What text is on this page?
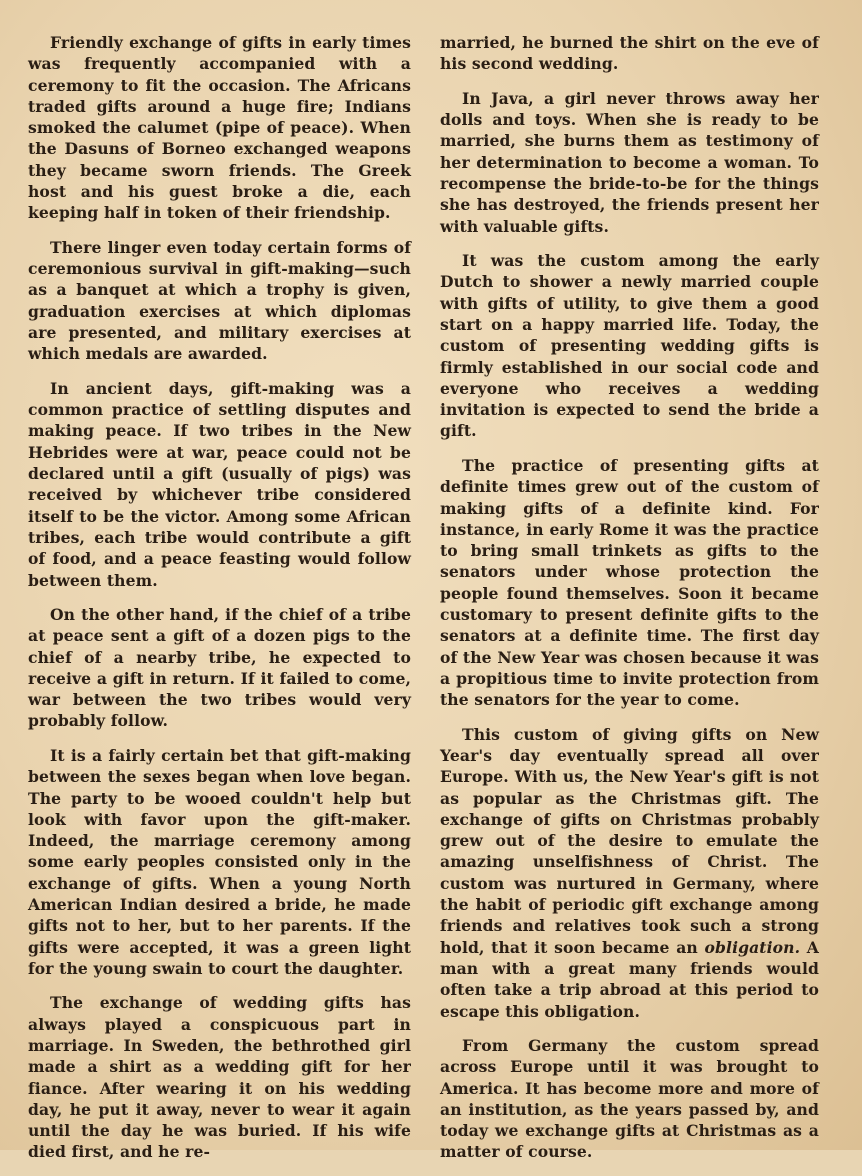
Friendly exchange of gifts in early times was frequently accompanied with a ceremony to fit the occasion. The Africans traded gifts around a huge fire; Indians smoked the calumet (pipe of peace). When the Dasuns of Borneo exchanged weapons they became sworn friends. The Greek host and his guest broke a die, each keeping half in token of their friendship.

There linger even today certain forms of ceremonious survival in gift-making—such as a banquet at which a trophy is given, graduation exercises at which diplomas are presented, and military exercises at which medals are awarded.

In ancient days, gift-making was a common practice of settling disputes and making peace. If two tribes in the New Hebrides were at war, peace could not be declared until a gift (usually of pigs) was received by whichever tribe considered itself to be the victor. Among some African tribes, each tribe would contribute a gift of food, and a peace feasting would follow between them.

On the other hand, if the chief of a tribe at peace sent a gift of a dozen pigs to the chief of a nearby tribe, he expected to receive a gift in return. If it failed to come, war between the two tribes would very probably follow.

It is a fairly certain bet that gift-making between the sexes began when love began. The party to be wooed couldn't help but look with favor upon the gift-maker. Indeed, the marriage ceremony among some early peoples consisted only in the exchange of gifts. When a young North American Indian desired a bride, he made gifts not to her, but to her parents. If the gifts were accepted, it was a green light for the young swain to court the daughter.

The exchange of wedding gifts has always played a conspicuous part in marriage. In Sweden, the bethrothed girl made a shirt as a wedding gift for her fiance. After wearing it on his wedding day, he put it away, never to wear it again until the day he was buried. If his wife died first, and he re-

married, he burned the shirt on the eve of his second wedding.

In Java, a girl never throws away her dolls and toys. When she is ready to be married, she burns them as testimony of her determination to become a woman. To recompense the bride-to-be for the things she has destroyed, the friends present her with valuable gifts.

It was the custom among the early Dutch to shower a newly married couple with gifts of utility, to give them a good start on a happy married life. Today, the custom of presenting wedding gifts is firmly established in our social code and everyone who receives a wedding invitation is expected to send the bride a gift.

The practice of presenting gifts at definite times grew out of the custom of making gifts of a definite kind. For instance, in early Rome it was the practice to bring small trinkets as gifts to the senators under whose protection the people found themselves. Soon it became customary to present definite gifts to the senators at a definite time. The first day of the New Year was chosen because it was a propitious time to invite protection from the senators for the year to come.

This custom of giving gifts on New Year's day eventually spread all over Europe. With us, the New Year's gift is not as popular as the Christmas gift. The exchange of gifts on Christmas probably grew out of the desire to emulate the amazing unselfishness of Christ. The custom was nurtured in Germany, where the habit of periodic gift exchange among friends and relatives took such a strong hold, that it soon became an obligation. A man with a great many friends would often take a trip abroad at this period to escape this obligation.

From Germany the custom spread across Europe until it was brought to America. It has become more and more of an institution, as the years passed by, and today we exchange gifts at Christmas as a matter of course.
